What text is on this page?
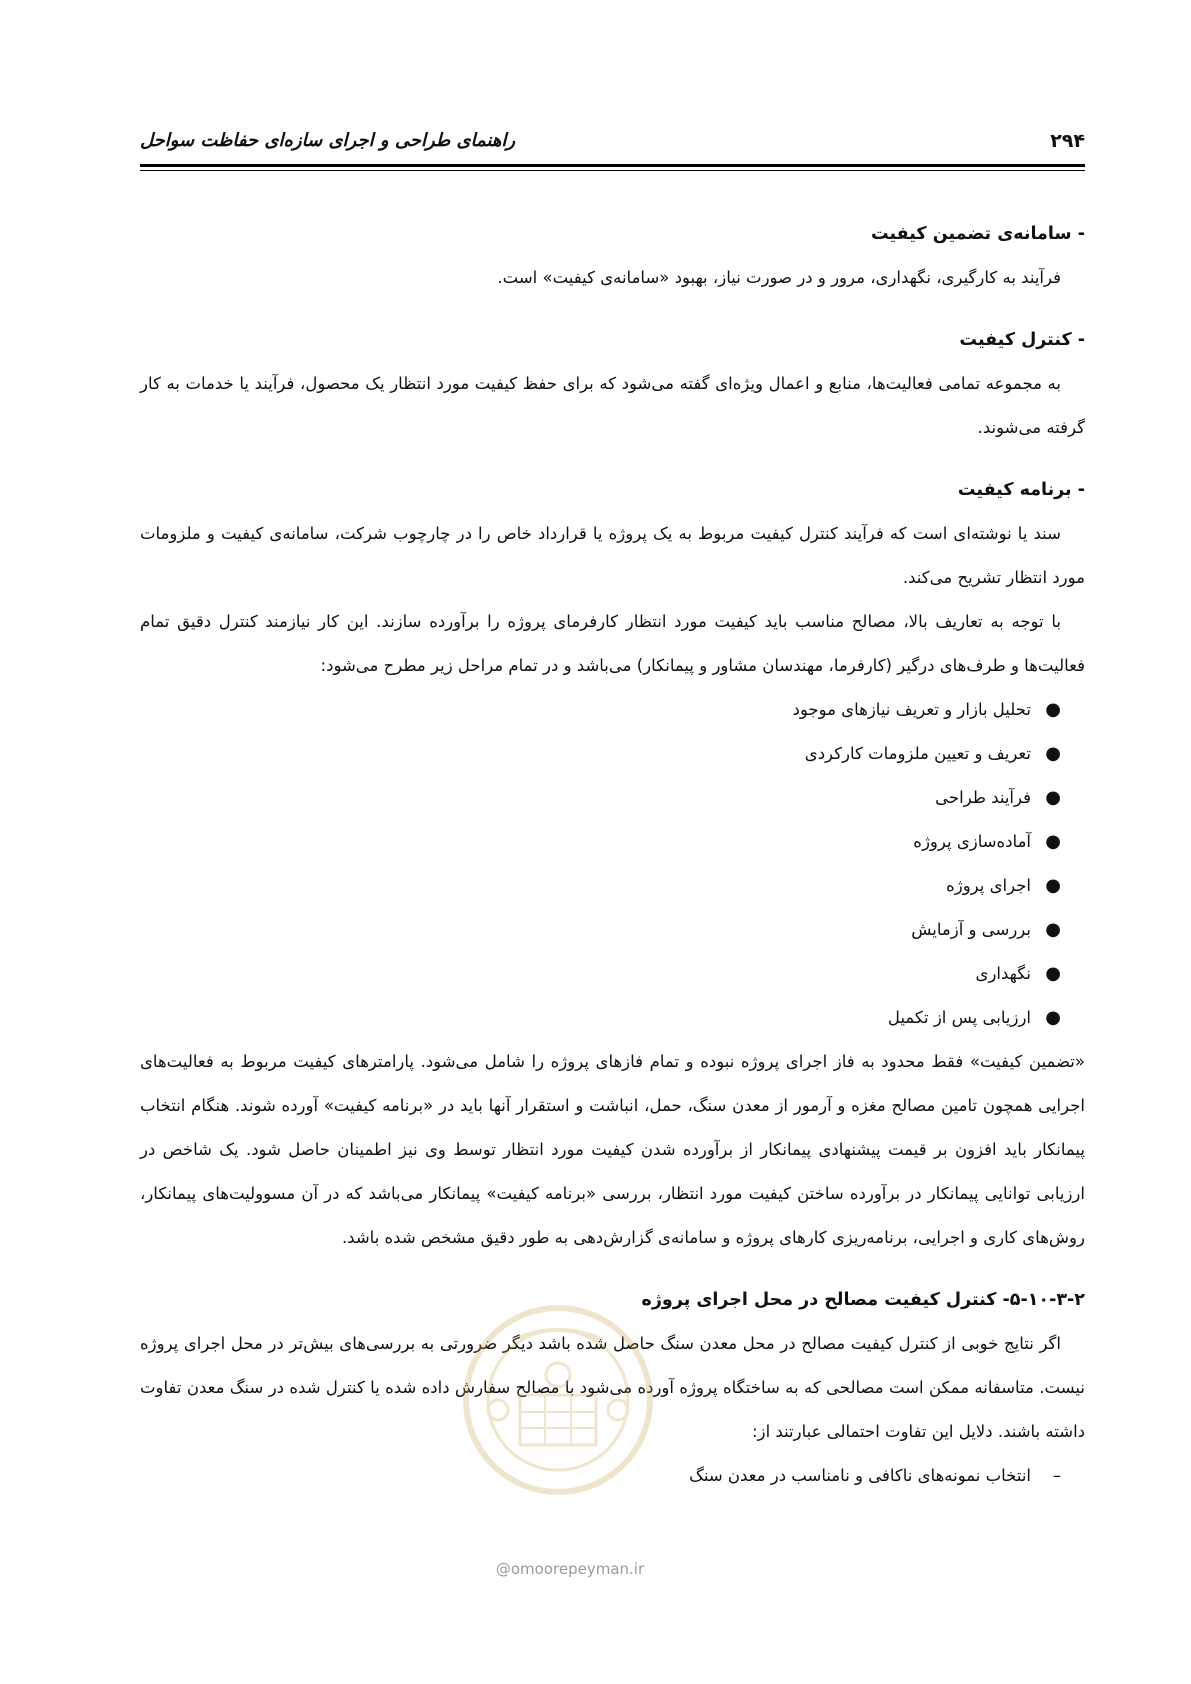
۲۹۴
راهنمای طراحی و اجرای سازه‌ای حفاظت سواحل

- سامانه‌ی تضمین کیفیت

فرآیند به کارگیری، نگهداری، مرور و در صورت نیاز، بهبود «سامانه‌ی کیفیت» است.

- کنترل کیفیت

به مجموعه تمامی فعالیت‌ها، منابع و اعمال ویژه‌ای گفته می‌شود که برای حفظ کیفیت مورد انتظار یک محصول، فرآیند یا خدمات به کار گرفته می‌شوند.

- برنامه کیفیت

سند یا نوشته‌ای است که فرآیند کنترل کیفیت مربوط به یک پروژه یا قرارداد خاص را در چارچوب شرکت، سامانه‌ی کیفیت و ملزومات مورد انتظار تشریح می‌کند.

با توجه به تعاریف بالا، مصالح مناسب باید کیفیت مورد انتظار کارفرمای پروژه را برآورده سازند. این کار نیازمند کنترل دقیق تمام فعالیت‌ها و طرف‌های درگیر (کارفرما، مهندسان مشاور و پیمانکار) می‌باشد و در تمام مراحل زیر مطرح می‌شود:

●
تحلیل بازار و تعریف نیازهای موجود
●
تعریف و تعیین ملزومات کارکردی
●
فرآیند طراحی
●
آماده‌سازی پروژه
●
اجرای پروژه
●
بررسی و آزمایش
●
نگهداری
●
ارزیابی پس از تکمیل

«تضمین کیفیت» فقط محدود به فاز اجرای پروژه نبوده و تمام فازهای پروژه را شامل می‌شود. پارامترهای کیفیت مربوط به فعالیت‌های اجرایی همچون تامین مصالح مغزه و آرمور از معدن سنگ، حمل، انباشت و استقرار آنها باید در «برنامه کیفیت» آورده شوند. هنگام انتخاب پیمانکار باید افزون بر قیمت پیشنهادی پیمانکار از برآورده شدن کیفیت مورد انتظار توسط وی نیز اطمینان حاصل شود. یک شاخص در ارزیابی توانایی پیمانکار در برآورده ساختن کیفیت مورد انتظار، بررسی «برنامه کیفیت» پیمانکار می‌باشد که در آن مسوولیت‌های پیمانکار، روش‌های کاری و اجرایی، برنامه‌ریزی کارهای پروژه و سامانه‌ی گزارش‌دهی به طور دقیق مشخص شده باشد.

۵-۱۰-۳-۲- کنترل کیفیت مصالح در محل اجرای پروژه

اگر نتایج خوبی از کنترل کیفیت مصالح در محل معدن سنگ حاصل شده باشد دیگر ضرورتی به بررسی‌های بیش‌تر در محل اجرای پروژه نیست. متاسفانه ممکن است مصالحی که به ساختگاه پروژه آورده می‌شود با مصالح سفارش داده شده یا کنترل شده در سنگ معدن تفاوت داشته باشند. دلایل این تفاوت احتمالی عبارتند از:

–
انتخاب نمونه‌های ناکافی و نامناسب در معدن سنگ
@omoorepeyman.ir
